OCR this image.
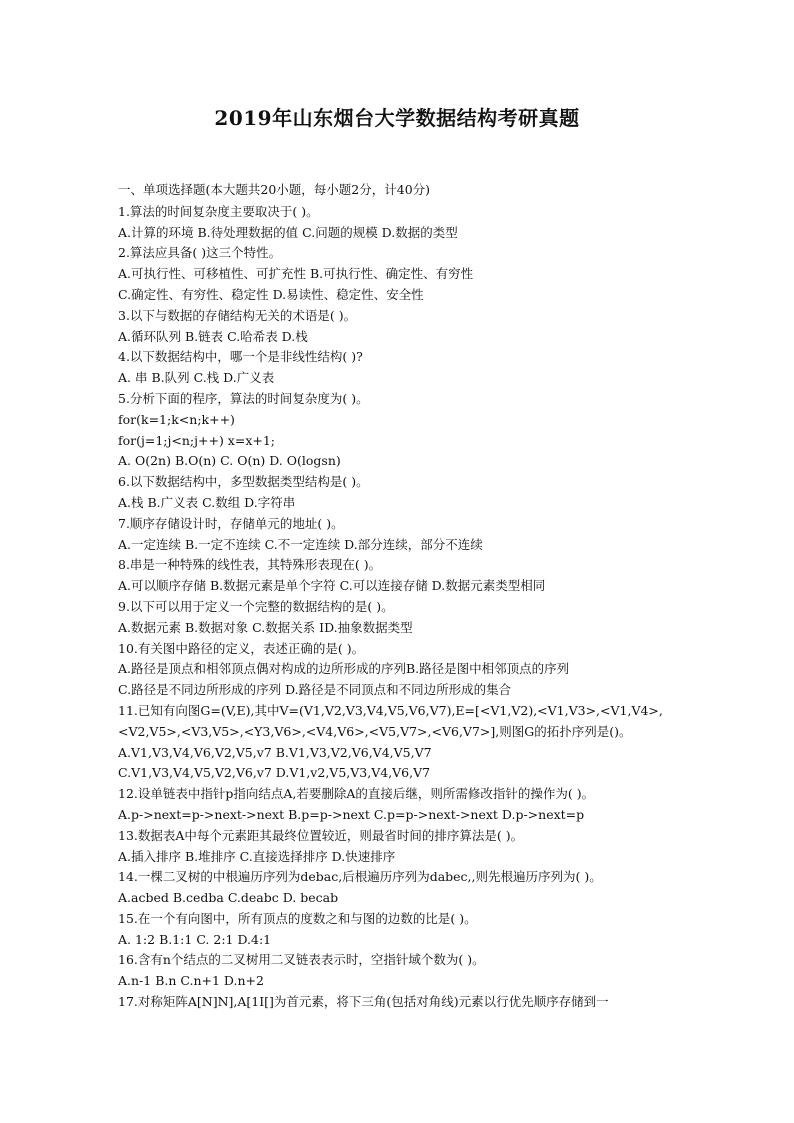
2019年山东烟台大学数据结构考研真题
一、单项选择题(本大题共20小题，每小题2分，计40分)
1.算法的时间复杂度主要取决于( )。
A.计算的环境 B.待处理数据的值 C.问题的规模 D.数据的类型
2.算法应具备( )这三个特性。
A.可执行性、可移植性、可扩充性 B.可执行性、确定性、有穷性
C.确定性、有穷性、稳定性 D.易读性、稳定性、安全性
3.以下与数据的存储结构无关的术语是( )。
A.循环队列 B.链表 C.哈希表 D.栈
4.以下数据结构中，哪一个是非线性结构( )?
A. 串 B.队列 C.栈 D.广义表
5.分析下面的程序，算法的时间复杂度为( )。
for(k=1;k<n;k++)
for(j=1;j<n;j++) x=x+1;
A. O(2n) B.O(n) C. O(n) D. O(logsn)
6.以下数据结构中，多型数据类型结构是( )。
A.栈 B.广义表 C.数组 D.字符串
7.顺序存储设计时，存储单元的地址( )。
A.一定连续 B.一定不连续 C.不一定连续 D.部分连续，部分不连续
8.串是一种特殊的线性表，其特殊形表现在( )。
A.可以顺序存储 B.数据元素是单个字符 C.可以连接存储 D.数据元素类型相同
9.以下可以用于定义一个完整的数据结构的是( )。
A.数据元素 B.数据对象 C.数据关系 ID.抽象数据类型
10.有关图中路径的定义，表述正确的是( )。
A.路径是顶点和相邻顶点偶对构成的边所形成的序列B.路径是图中相邻顶点的序列
C.路径是不同边所形成的序列 D.路径是不同顶点和不同边所形成的集合
11.已知有向图G=(V,E),其中V=(V1,V2,V3,V4,V5,V6,V7),E=[<V1,V2),<V1,V3>,<V1,V4>,
<V2,V5>,<V3,V5>,<Y3,V6>,<V4,V6>,<V5,V7>,<V6,V7>],则图G的拓扑序列是()。
A.V1,V3,V4,V6,V2,V5,v7 B.V1,V3,V2,V6,V4,V5,V7
C.V1,V3,V4,V5,V2,V6,v7 D.V1,v2,V5,V3,V4,V6,V7
12.设单链表中指针p指向结点A,若要删除A的直接后继，则所需修改指针的操作为( )。
A.p->next=p->next->next B.p=p->next C.p=p->next->next D.p->next=p
13.数据表A中每个元素距其最终位置较近，则最省时间的排序算法是( )。
A.插入排序 B.堆排序 C.直接选择排序 D.快速排序
14.一棵二叉树的中根遍历序列为debac,后根遍历序列为dabec,,则先根遍历序列为( )。
A.acbed B.cedba C.deabc D. becab
15.在一个有向图中，所有顶点的度数之和与图的边数的比是( )。
A. 1:2 B.1:1 C. 2:1 D.4:1
16.含有n个结点的二叉树用二叉链表表示时，空指针域个数为( )。
A.n-1 B.n C.n+1 D.n+2
17.对称矩阵A[N]N],A[1I[]为首元素，将下三角(包括对角线)元素以行优先顺序存储到一
